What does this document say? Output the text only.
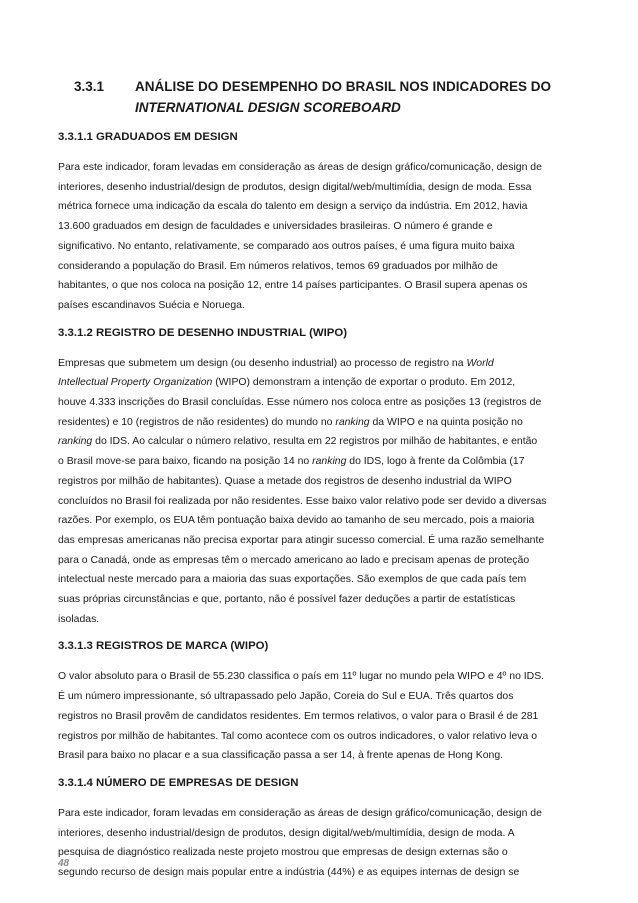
3.3.1 ANÁLISE DO DESEMPENHO DO BRASIL NOS INDICADORES DO
INTERNATIONAL DESIGN SCOREBOARD
3.3.1.1 GRADUADOS EM DESIGN
Para este indicador, foram levadas em consideração as áreas de design gráfico/comunicação, design de
interiores, desenho industrial/design de produtos, design digital/web/multimídia, design de moda. Essa
métrica fornece uma indicação da escala do talento em design a serviço da indústria. Em 2012, havia
13.600 graduados em design de faculdades e universidades brasileiras. O número é grande e
significativo. No entanto, relativamente, se comparado aos outros países, é uma figura muito baixa
considerando a população do Brasil. Em números relativos, temos 69 graduados por milhão de
habitantes, o que nos coloca na posição 12, entre 14 países participantes. O Brasil supera apenas os
países escandinavos Suécia e Noruega.
3.3.1.2 REGISTRO DE DESENHO INDUSTRIAL (WIPO)
Empresas que submetem um design (ou desenho industrial) ao processo de registro na World
Intellectual Property Organization (WIPO) demonstram a intenção de exportar o produto. Em 2012,
houve 4.333 inscrições do Brasil concluídas. Esse número nos coloca entre as posições 13 (registros de
residentes) e 10 (registros de não residentes) do mundo no ranking da WIPO e na quinta posição no
ranking do IDS. Ao calcular o número relativo, resulta em 22 registros por milhão de habitantes, e então
o Brasil move-se para baixo, ficando na posição 14 no ranking do IDS, logo à frente da Colômbia (17
registros por milhão de habitantes). Quase a metade dos registros de desenho industrial da WIPO
concluídos no Brasil foi realizada por não residentes. Esse baixo valor relativo pode ser devido a diversas
razões. Por exemplo, os EUA têm pontuação baixa devido ao tamanho de seu mercado, pois a maioria
das empresas americanas não precisa exportar para atingir sucesso comercial. É uma razão semelhante
para o Canadá, onde as empresas têm o mercado americano ao lado e precisam apenas de proteção
intelectual neste mercado para a maioria das suas exportações. São exemplos de que cada país tem
suas próprias circunstâncias e que, portanto, não é possível fazer deduções a partir de estatísticas
isoladas.
3.3.1.3 REGISTROS DE MARCA (WIPO)
O valor absoluto para o Brasil de 55.230 classifica o país em 11º lugar no mundo pela WIPO e 4º no IDS.
É um número impressionante, só ultrapassado pelo Japão, Coreia do Sul e EUA. Três quartos dos
registros no Brasil provêm de candidatos residentes. Em termos relativos, o valor para o Brasil é de 281
registros por milhão de habitantes. Tal como acontece com os outros indicadores, o valor relativo leva o
Brasil para baixo no placar e a sua classificação passa a ser 14, à frente apenas de Hong Kong.
3.3.1.4 NÚMERO DE EMPRESAS DE DESIGN
Para este indicador, foram levadas em consideração as áreas de design gráfico/comunicação, design de
interiores, desenho industrial/design de produtos, design digital/web/multimídia, design de moda. A
pesquisa de diagnóstico realizada neste projeto mostrou que empresas de design externas são o
segundo recurso de design mais popular entre a indústria (44%) e as equipes internas de design se
48
